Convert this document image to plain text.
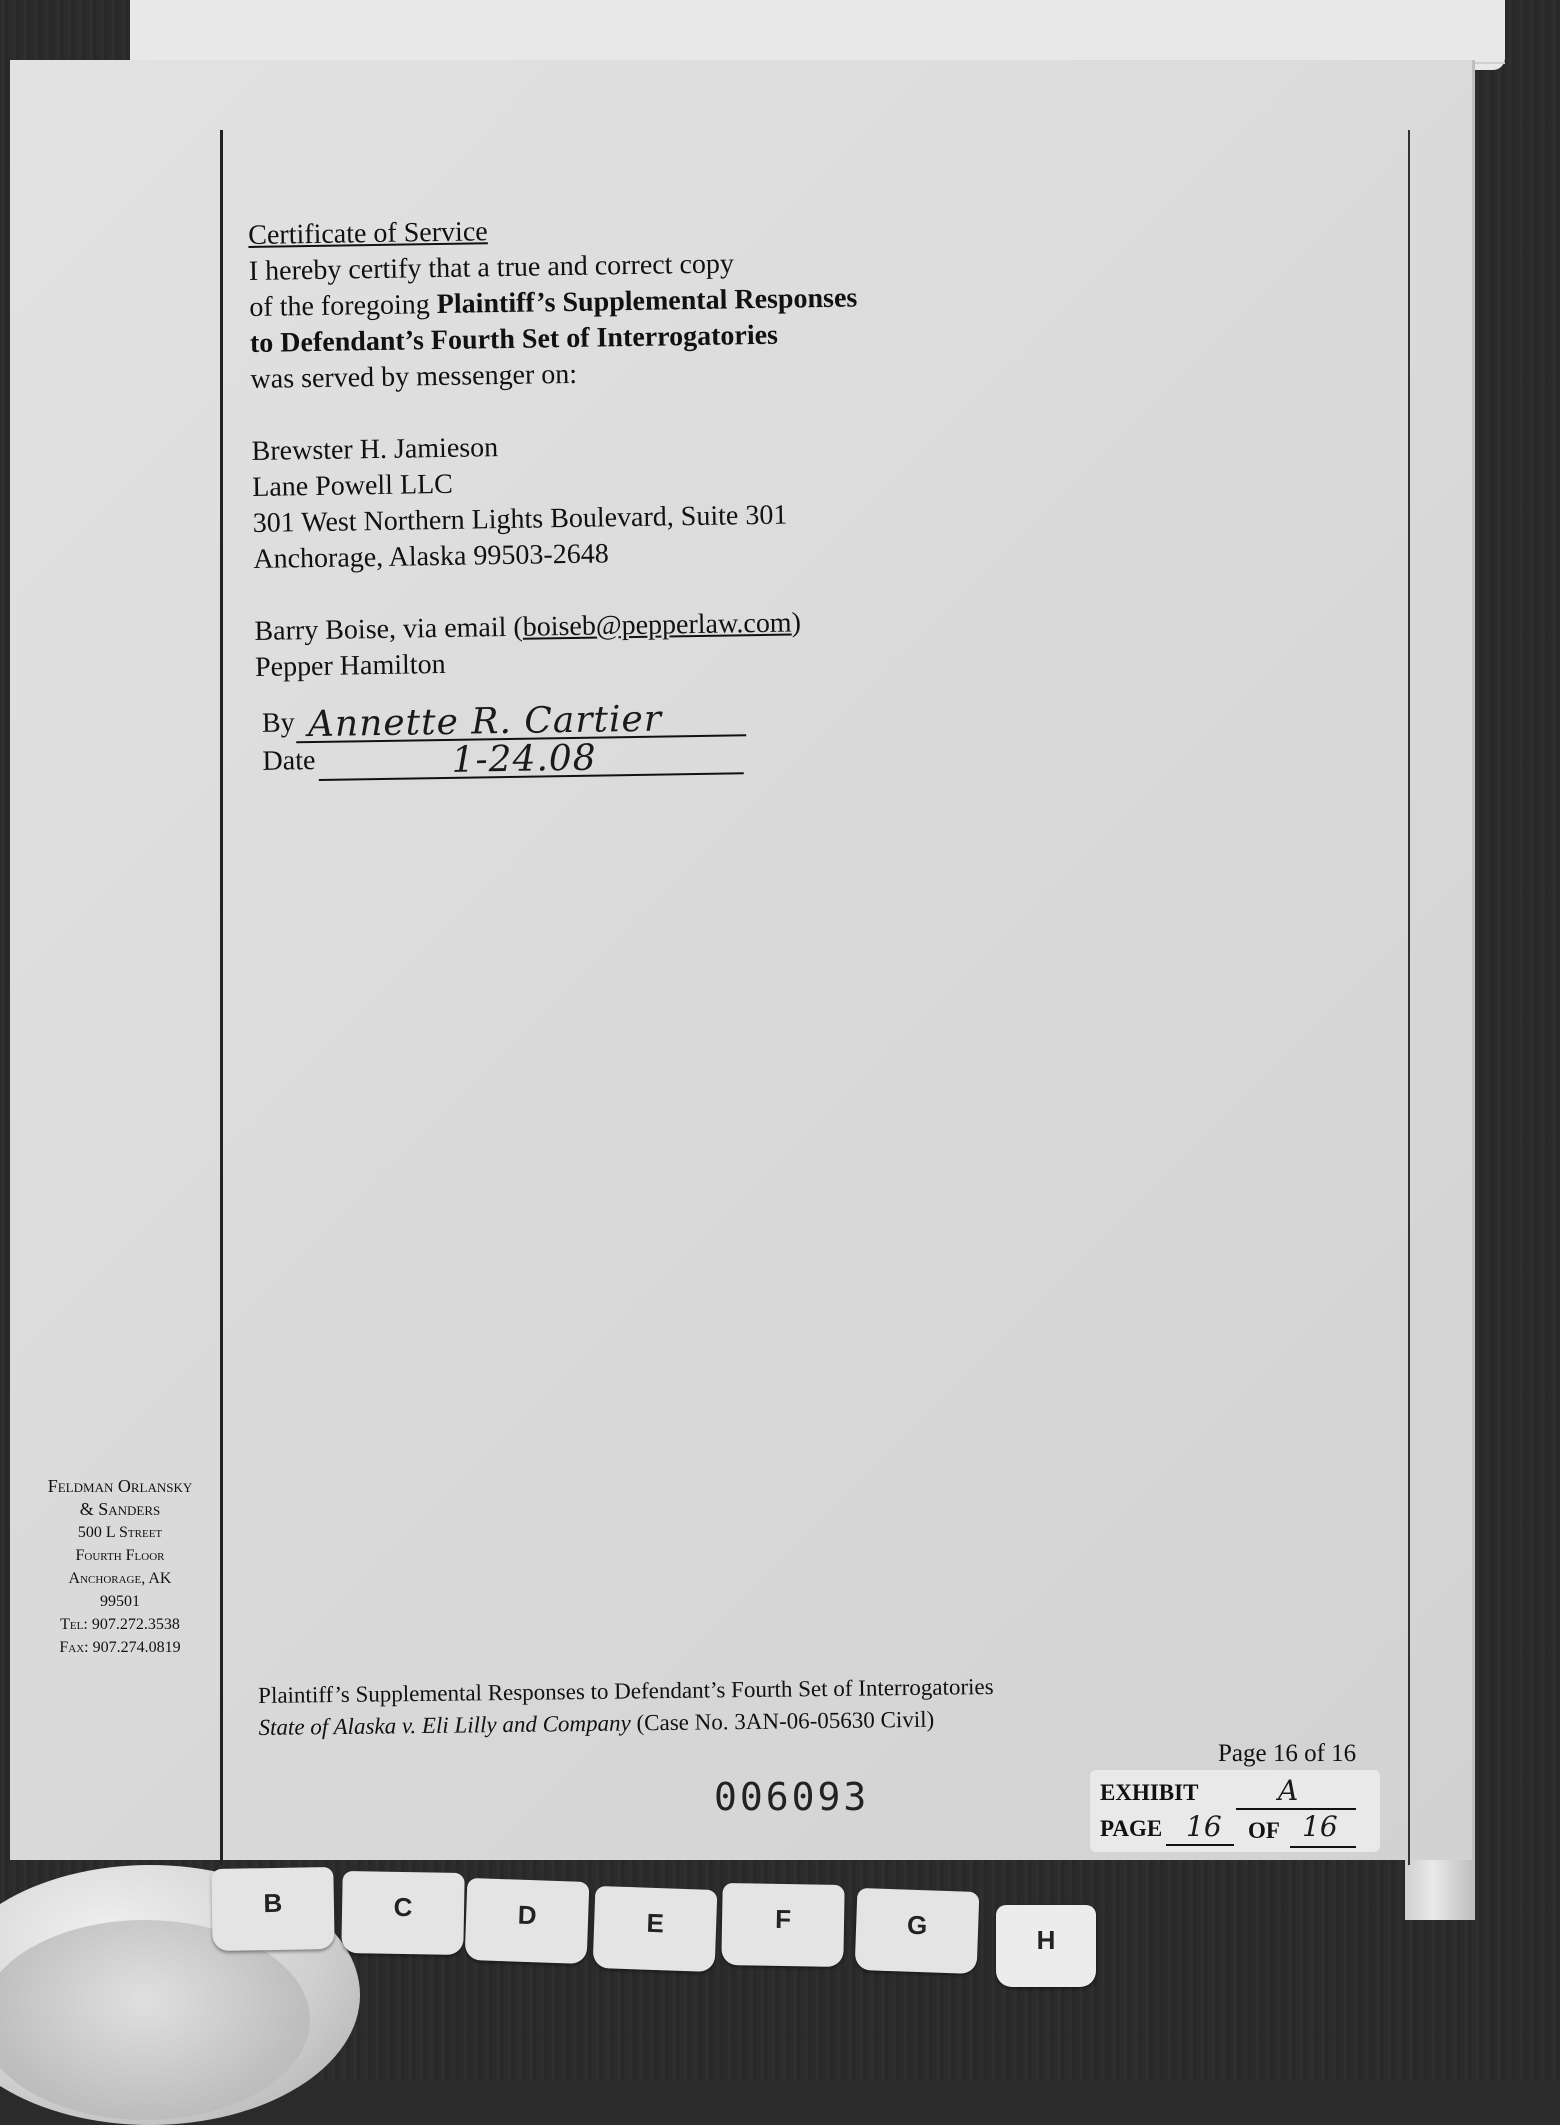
Certificate of Service

I hereby certify that a true and correct copy

of the foregoing Plaintiff’s Supplemental Responses

to Defendant’s Fourth Set of Interrogatories

was served by messenger on:

Brewster H. Jamieson

Lane Powell LLC

301 West Northern Lights Boulevard, Suite 301

Anchorage, Alaska 99503-2648

Barry Boise, via email (boiseb@pepperlaw.com)

Pepper Hamilton

By Annette R. Cartier
Date	1-24.08
Feldman Orlansky
& Sanders
500 L Street
Fourth Floor
Anchorage, AK
99501
Tel: 907.272.3538
Fax: 907.274.0819
Plaintiff’s Supplemental Responses to Defendant’s Fourth Set of Interrogatories
State of Alaska v. Eli Lilly and Company (Case No. 3AN-06-05630 Civil)
Page 16 of 16
006093	EXHIBIT	A
PAGE 16 OF 16
B	C	D	E	F	G	H
